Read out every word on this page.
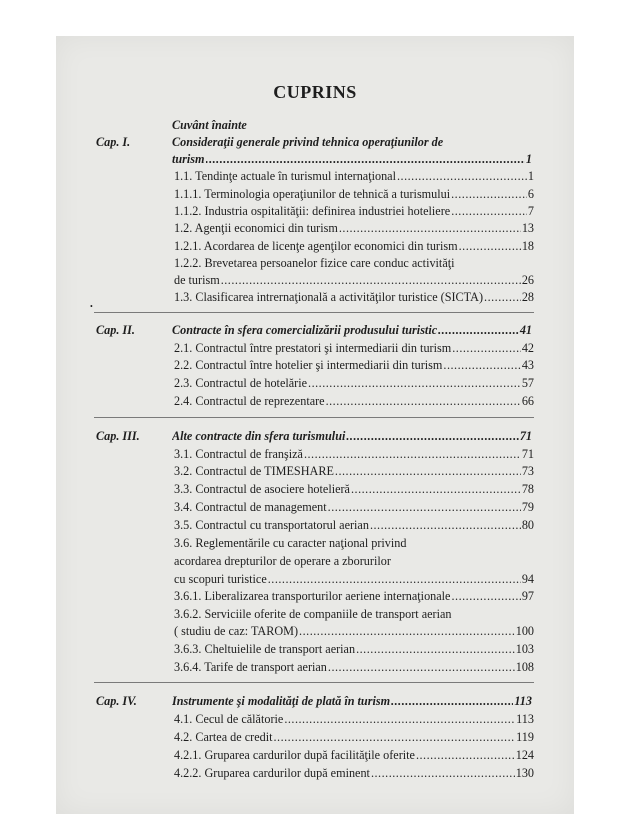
CUPRINS
Cuvânt înainte
Cap. I.	Consideraţii generale privind tehnica operaţiunilor de
turism .....	1
1.1. Tendinţe actuale în turismul internaţional .....	1
1.1.1. Terminologia operaţiunilor de tehnică a turismului .....	6
1.1.2. Industria ospitalităţii: definirea industriei hoteliere .....	7
1.2. Agenţii economici din turism .....	13
1.2.1. Acordarea de licenţe agenţilor economici din turism .....	18
1.2.2. Brevetarea persoanelor fizice care conduc activităţi
de turism .....	26
1.3. Clasificarea intrernaţională a activităţilor turistice (SICTA) .....	28
•
Cap. II.	Contracte în sfera comercializării produsului turistic .....	41
2.1. Contractul între prestatori şi intermediarii din turism .....	42
2.2. Contractul între hotelier şi intermediarii din turism .....	43
2.3. Contractul de hotelărie .....	57
2.4. Contractul de reprezentare .....	66
Cap. III.	Alte contracte din sfera turismului .....	71
3.1. Contractul de franşiză .....	71
3.2. Contractul de TIMESHARE .....	73
3.3. Contractul de asociere hotelieră .....	78
3.4. Contractul de management .....	79
3.5. Contractul cu transportatorul aerian .....	80
3.6. Reglementările cu caracter naţional privind
acordarea drepturilor de operare a zborurilor
cu scopuri turistice .....	94
3.6.1. Liberalizarea transporturilor aeriene internaţionale .....	97
3.6.2. Serviciile oferite de companiile de transport aerian
( studiu de caz: TAROM) .....	100
3.6.3. Cheltuielile de transport aerian .....	103
3.6.4. Tarife de transport aerian .....	108
Cap. IV.	Instrumente şi modalităţi de plată în turism .....	113
4.1. Cecul de călătorie .....	113
4.2. Cartea de credit .....	119
4.2.1. Gruparea cardurilor după facilităţile oferite .....	124
4.2.2. Gruparea cardurilor după eminent .....	130
